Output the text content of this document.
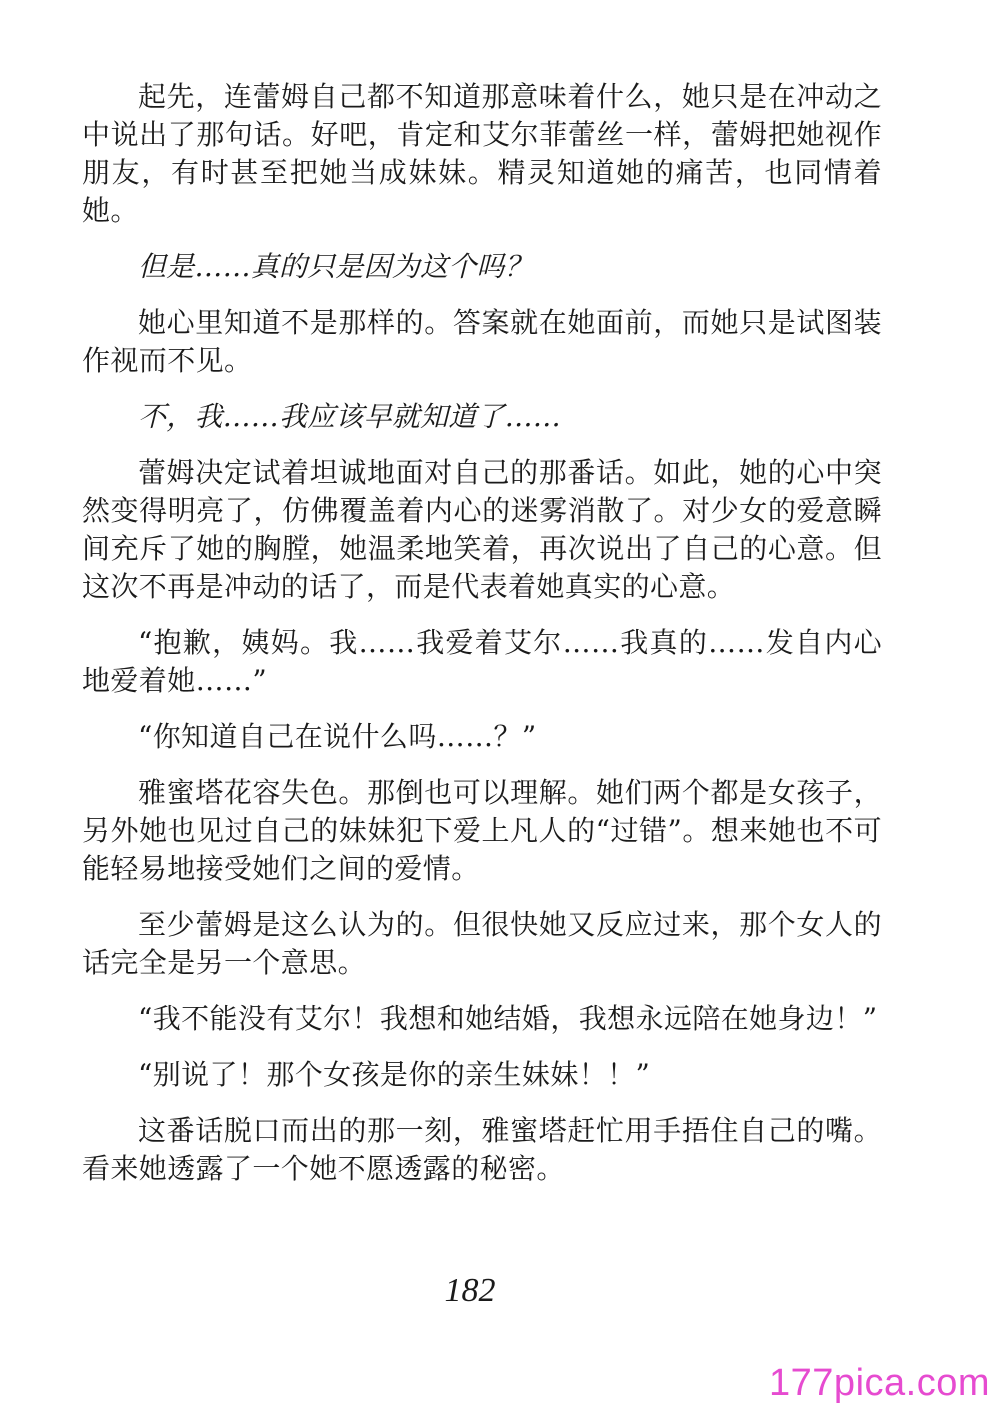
起先，连蕾姆自己都不知道那意味着什么，她只是在冲动之中说出了那句话。好吧，肯定和艾尔菲蕾丝一样，蕾姆把她视作朋友，有时甚至把她当成妹妹。精灵知道她的痛苦，也同情着她。

但是……真的只是因为这个吗？

她心里知道不是那样的。答案就在她面前，而她只是试图装作视而不见。

不，我……我应该早就知道了……

蕾姆决定试着坦诚地面对自己的那番话。如此，她的心中突然变得明亮了，仿佛覆盖着内心的迷雾消散了。对少女的爱意瞬间充斥了她的胸膛，她温柔地笑着，再次说出了自己的心意。但这次不再是冲动的话了，而是代表着她真实的心意。

“抱歉，姨妈。我……我爱着艾尔……我真的……发自内心地爱着她……”

“你知道自己在说什么吗……？”

雅蜜塔花容失色。那倒也可以理解。她们两个都是女孩子，另外她也见过自己的妹妹犯下爱上凡人的“过错”。想来她也不可能轻易地接受她们之间的爱情。

至少蕾姆是这么认为的。但很快她又反应过来，那个女人的话完全是另一个意思。

“我不能没有艾尔！我想和她结婚，我想永远陪在她身边！”

“别说了！那个女孩是你的亲生妹妹！！”

这番话脱口而出的那一刻，雅蜜塔赶忙用手捂住自己的嘴。看来她透露了一个她不愿透露的秘密。

182
177pica.com
